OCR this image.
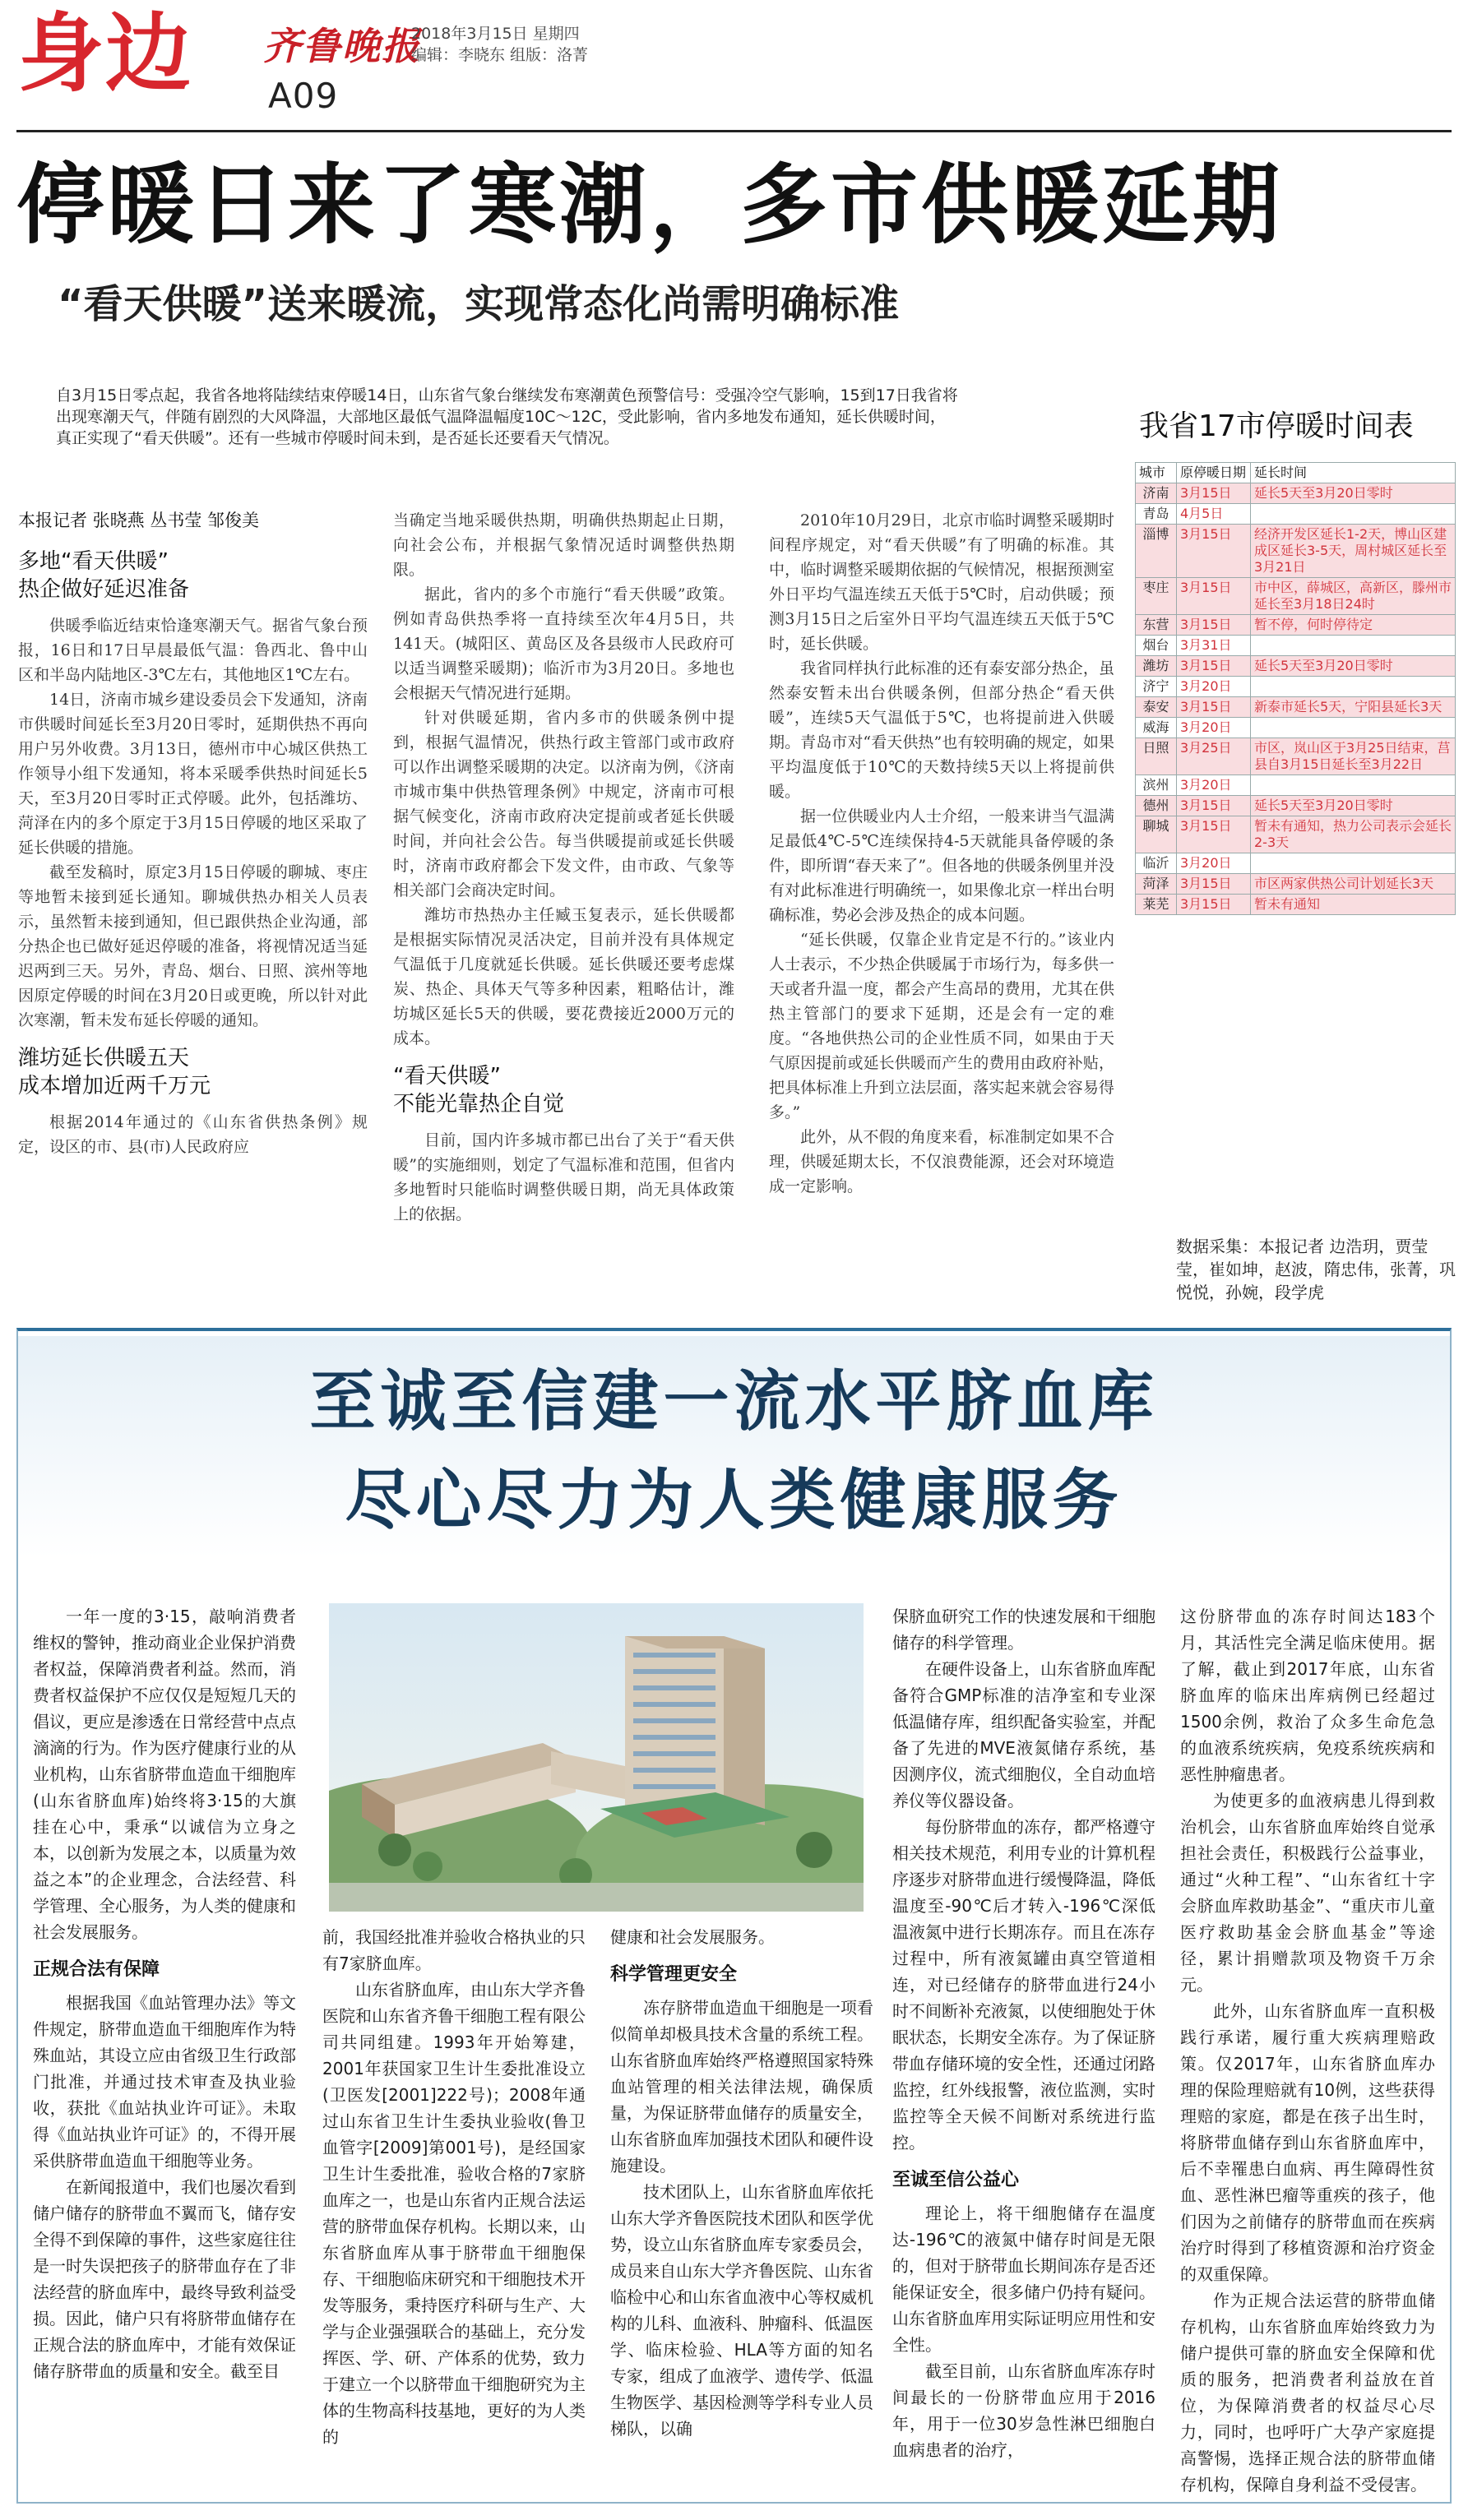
身边 齐鲁晚报
A09
2018年3月15日 星期四
编辑：李晓东 组版：洛菁
停暖日来了寒潮，多市供暖延期
“看天供暖”送来暖流，实现常态化尚需明确标准

自3月15日零点起，我省各地将陆续结束停暖14日，山东省气象台继续发布寒潮黄色预警信号：受强冷空气影响，15到17日我省将出现寒潮天气，伴随有剧烈的大风降温，大部地区最低气温降温幅度10C～12C，受此影响，省内多地发布通知，延长供暖时间，真正实现了“看天供暖”。还有一些城市停暖时间未到，是否延长还要看天气情况。

本报记者 张晓燕 丛书莹 邹俊美
多地“看天供暖”
热企做好延迟准备

供暖季临近结束恰逢寒潮天气。据省气象台预报，16日和17日早晨最低气温：鲁西北、鲁中山区和半岛内陆地区-3℃左右，其他地区1℃左右。

14日，济南市城乡建设委员会下发通知，济南市供暖时间延长至3月20日零时，延期供热不再向用户另外收费。3月13日，德州市中心城区供热工作领导小组下发通知，将本采暖季供热时间延长5天，至3月20日零时正式停暖。此外，包括潍坊、菏泽在内的多个原定于3月15日停暖的地区采取了延长供暖的措施。

截至发稿时，原定3月15日停暖的聊城、枣庄等地暂未接到延长通知。聊城供热办相关人员表示，虽然暂未接到通知，但已跟供热企业沟通，部分热企也已做好延迟停暖的准备，将视情况适当延迟两到三天。另外，青岛、烟台、日照、滨州等地因原定停暖的时间在3月20日或更晚，所以针对此次寒潮，暂未发布延长停暖的通知。

潍坊延长供暖五天
成本增加近两千万元

根据2014年通过的《山东省供热条例》规定，设区的市、县(市)人民政府应

当确定当地采暖供热期，明确供热期起止日期，向社会公布，并根据气象情况适时调整供热期限。

据此，省内的多个市施行“看天供暖”政策。例如青岛供热季将一直持续至次年4月5日，共141天。(城阳区、黄岛区及各县级市人民政府可以适当调整采暖期)；临沂市为3月20日。多地也会根据天气情况进行延期。

针对供暖延期，省内多市的供暖条例中提到，根据气温情况，供热行政主管部门或市政府可以作出调整采暖期的决定。以济南为例，《济南市城市集中供热管理条例》中规定，济南市可根据气候变化，济南市政府决定提前或者延长供暖时间，并向社会公告。每当供暖提前或延长供暖时，济南市政府都会下发文件，由市政、气象等相关部门会商决定时间。

潍坊市热热办主任臧玉复表示，延长供暖都是根据实际情况灵活决定，目前并没有具体规定气温低于几度就延长供暖。延长供暖还要考虑煤炭、热企、具体天气等多种因素，粗略估计，潍坊城区延长5天的供暖，要花费接近2000万元的成本。

“看天供暖”
不能光靠热企自觉

目前，国内许多城市都已出台了关于“看天供暖”的实施细则，划定了气温标准和范围，但省内多地暂时只能临时调整供暖日期，尚无具体政策上的依据。

2010年10月29日，北京市临时调整采暖期时间程序规定，对“看天供暖”有了明确的标准。其中，临时调整采暖期依据的气候情况，根据预测室外日平均气温连续五天低于5℃时，启动供暖；预测3月15日之后室外日平均气温连续五天低于5℃时，延长供暖。

我省同样执行此标准的还有泰安部分热企，虽然泰安暂未出台供暖条例，但部分热企“看天供暖”，连续5天气温低于5℃，也将提前进入供暖期。青岛市对“看天供热”也有较明确的规定，如果平均温度低于10℃的天数持续5天以上将提前供暖。

据一位供暖业内人士介绍，一般来讲当气温满足最低4℃-5℃连续保持4-5天就能具备停暖的条件，即所谓“春天来了”。但各地的供暖条例里并没有对此标准进行明确统一，如果像北京一样出台明确标准，势必会涉及热企的成本问题。

“延长供暖，仅靠企业肯定是不行的。”该业内人士表示，不少热企供暖属于市场行为，每多供一天或者升温一度，都会产生高昂的费用，尤其在供热主管部门的要求下延期，还是会有一定的难度。“各地供热公司的企业性质不同，如果由于天气原因提前或延长供暖而产生的费用由政府补贴，把具体标准上升到立法层面，落实起来就会容易得多。”

此外，从不假的角度来看，标准制定如果不合理，供暖延期太长，不仅浪费能源，还会对环境造成一定影响。

我省17市停暖时间表
城市	原停暖日期	延长时间
济南	3月15日	延长5天至3月20日零时
青岛	4月5日	
淄博	3月15日	经济开发区延长1-2天，博山区建成区延长3-5天，周村城区延长至3月21日
枣庄	3月15日	市中区，薛城区，高新区，滕州市延长至3月18日24时
东营	3月15日	暂不停，何时停待定
烟台	3月31日	
潍坊	3月15日	延长5天至3月20日零时
济宁	3月20日	
泰安	3月15日	新泰市延长5天，宁阳县延长3天
威海	3月20日	
日照	3月25日	市区，岚山区于3月25日结束，莒县自3月15日延长至3月22日
滨州	3月20日	
德州	3月15日	延长5天至3月20日零时
聊城	3月15日	暂未有通知，热力公司表示会延长2-3天
临沂	3月20日	
菏泽	3月15日	市区两家供热公司计划延长3天
莱芜	3月15日	暂未有通知
数据采集：本报记者 边浩玥，贾莹莹，崔如坤，赵波，隋忠伟，张菁，巩悦悦，孙婉，段学虎
至诚至信建一流水平脐血库
尽心尽力为人类健康服务

一年一度的3·15，敲响消费者维权的警钟，推动商业企业保护消费者权益，保障消费者利益。然而，消费者权益保护不应仅仅是短短几天的倡议，更应是渗透在日常经营中点点滴滴的行为。作为医疗健康行业的从业机构，山东省脐带血造血干细胞库(山东省脐血库)始终将3·15的大旗挂在心中，秉承“以诚信为立身之本，以创新为发展之本，以质量为效益之本”的企业理念，合法经营、科学管理、全心服务，为人类的健康和社会发展服务。

正规合法有保障

根据我国《血站管理办法》等文件规定，脐带血造血干细胞库作为特殊血站，其设立应由省级卫生行政部门批准，并通过技术审查及执业验收，获批《血站执业许可证》。未取得《血站执业许可证》的，不得开展采供脐带血造血干细胞等业务。

在新闻报道中，我们也屡次看到储户储存的脐带血不翼而飞，储存安全得不到保障的事件，这些家庭往往是一时失误把孩子的脐带血存在了非法经营的脐血库中，最终导致利益受损。因此，储户只有将脐带血储存在正规合法的脐血库中，才能有效保证储存脐带血的质量和安全。截至目

前，我国经批准并验收合格执业的只有7家脐血库。

山东省脐血库，由山东大学齐鲁医院和山东省齐鲁干细胞工程有限公司共同组建。1993年开始筹建，2001年获国家卫生计生委批准设立(卫医发[2001]222号)；2008年通过山东省卫生计生委执业验收(鲁卫血管字[2009]第001号)，是经国家卫生计生委批准，验收合格的7家脐血库之一，也是山东省内正规合法运营的脐带血保存机构。长期以来，山东省脐血库从事于脐带血干细胞保存、干细胞临床研究和干细胞技术开发等服务，秉持医疗科研与生产、大学与企业强强联合的基础上，充分发挥医、学、研、产体系的优势，致力于建立一个以脐带血干细胞研究为主体的生物高科技基地，更好的为人类的

健康和社会发展服务。

科学管理更安全

冻存脐带血造血干细胞是一项看似简单却极具技术含量的系统工程。山东省脐血库始终严格遵照国家特殊血站管理的相关法律法规，确保质量，为保证脐带血储存的质量安全，山东省脐血库加强技术团队和硬件设施建设。

技术团队上，山东省脐血库依托山东大学齐鲁医院技术团队和医学优势，设立山东省脐血库专家委员会，成员来自山东大学齐鲁医院、山东省临检中心和山东省血液中心等权威机构的儿科、血液科、肿瘤科、低温医学、临床检验、HLA等方面的知名专家，组成了血液学、遗传学、低温生物医学、基因检测等学科专业人员梯队，以确

保脐血研究工作的快速发展和干细胞储存的科学管理。

在硬件设备上，山东省脐血库配备符合GMP标准的洁净室和专业深低温储存库，组织配备实验室，并配备了先进的MVE液氮储存系统，基因测序仪，流式细胞仪，全自动血培养仪等仪器设备。

每份脐带血的冻存，都严格遵守相关技术规范，利用专业的计算机程序逐步对脐带血进行缓慢降温，降低温度至-90℃后才转入-196℃深低温液氮中进行长期冻存。而且在冻存过程中，所有液氮罐由真空管道相连，对已经储存的脐带血进行24小时不间断补充液氮，以使细胞处于休眠状态，长期安全冻存。为了保证脐带血存储环境的安全性，还通过闭路监控，红外线报警，液位监测，实时监控等全天候不间断对系统进行监控。

至诚至信公益心

理论上，将干细胞储存在温度达-196℃的液氮中储存时间是无限的，但对于脐带血长期间冻存是否还能保证安全，很多储户仍持有疑问。山东省脐血库用实际证明应用性和安全性。

截至目前，山东省脐血库冻存时间最长的一份脐带血应用于2016年，用于一位30岁急性淋巴细胞白血病患者的治疗，

这份脐带血的冻存时间达183个月，其活性完全满足临床使用。据了解，截止到2017年底，山东省脐血库的临床出库病例已经超过1500余例，救治了众多生命危急的血液系统疾病，免疫系统疾病和恶性肿瘤患者。

为使更多的血液病患儿得到救治机会，山东省脐血库始终自觉承担社会责任，积极践行公益事业，通过“火种工程”、“山东省红十字会脐血库救助基金”、“重庆市儿童医疗救助基金会脐血基金”等途径，累计捐赠款项及物资千万余元。

此外，山东省脐血库一直积极践行承诺，履行重大疾病理赔政策。仅2017年，山东省脐血库办理的保险理赔就有10例，这些获得理赔的家庭，都是在孩子出生时，将脐带血储存到山东省脐血库中，后不幸罹患白血病、再生障碍性贫血、恶性淋巴瘤等重疾的孩子，他们因为之前储存的脐带血而在疾病治疗时得到了移植资源和治疗资金的双重保障。

作为正规合法运营的脐带血储存机构，山东省脐血库始终致力为储户提供可靠的脐血安全保障和优质的服务，把消费者利益放在首位，为保障消费者的权益尽心尽力，同时，也呼吁广大孕产家庭提高警惕，选择正规合法的脐带血储存机构，保障自身利益不受侵害。
